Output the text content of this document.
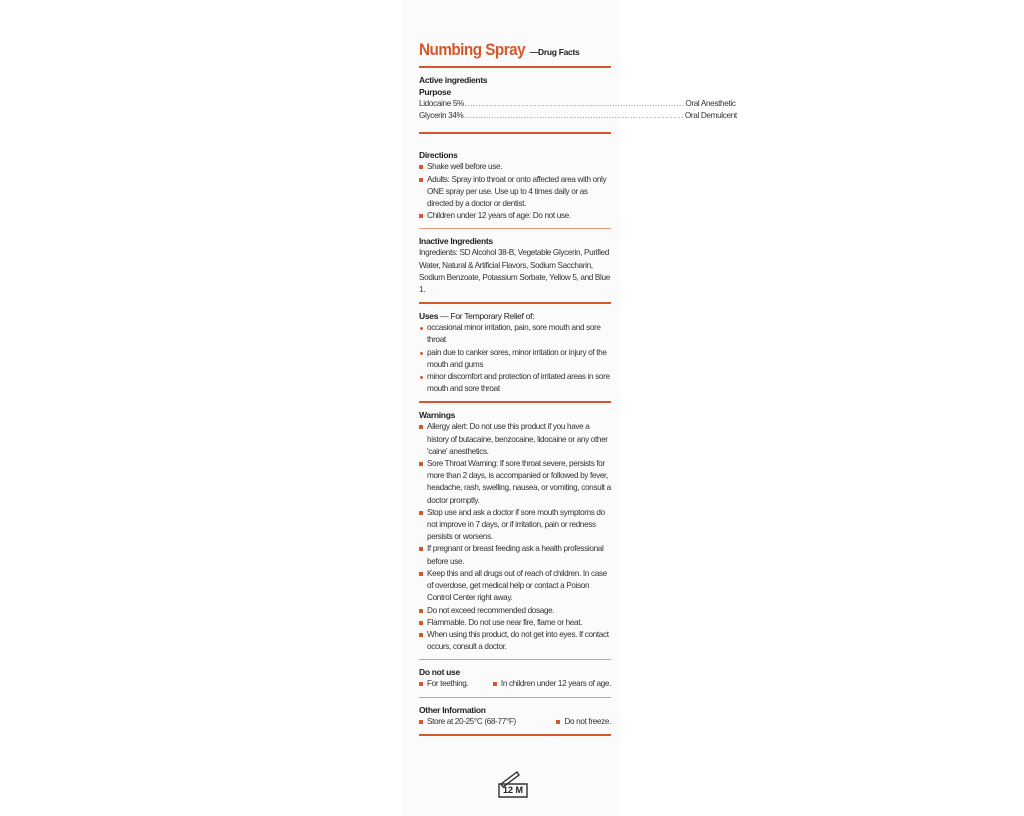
Numbing Spray —Drug Facts
Active ingredients
Purpose
Lidocaine 5% .................................................................................. Oral Anesthetic
Glycerin 34% .................................................................................. Oral Demulcent
Directions
Shake well before use.
Adults: Spray into throat or onto affected area with only ONE spray per use. Use up to 4 times daily or as directed by a doctor or dentist.
Children under 12 years of age: Do not use.
Inactive Ingredients
Ingredients: SD Alcohol 38-B, Vegetable Glycerin, Purified Water, Natural & Artificial Flavors, Sodium Saccharin, Sodium Benzoate, Potassium Sorbate, Yellow 5, and Blue 1.
Uses — For Temporary Relief of:
occasional minor irritation, pain, sore mouth and sore throat
pain due to canker sores, minor irritation or injury of the mouth and gums
minor discomfort and protection of irritated areas in sore mouth and sore throat
Warnings
Allergy alert: Do not use this product if you have a history of butacaine, benzocaine, lidocaine or any other 'caine' anesthetics.
Sore Throat Warning: If sore throat severe, persists for more than 2 days, is accompanied or followed by fever, headache, rash, swelling, nausea, or vomiting, consult a doctor promptly.
Stop use and ask a doctor if sore mouth symptoms do not improve in 7 days, or if irritation, pain or redness persists or worsens.
If pregnant or breast feeding ask a health professional before use.
Keep this and all drugs out of reach of children. In case of overdose, get medical help or contact a Poison Control Center right away.
Do not exceed recommended dosage.
Flammable. Do not use near fire, flame or heat.
When using this product, do not get into eyes. If contact occurs, consult a doctor.
Do not use
For teething.	In children under 12 years of age.
Other Information
Store at 20-25°C (68-77°F)	Do not freeze.
12 M
